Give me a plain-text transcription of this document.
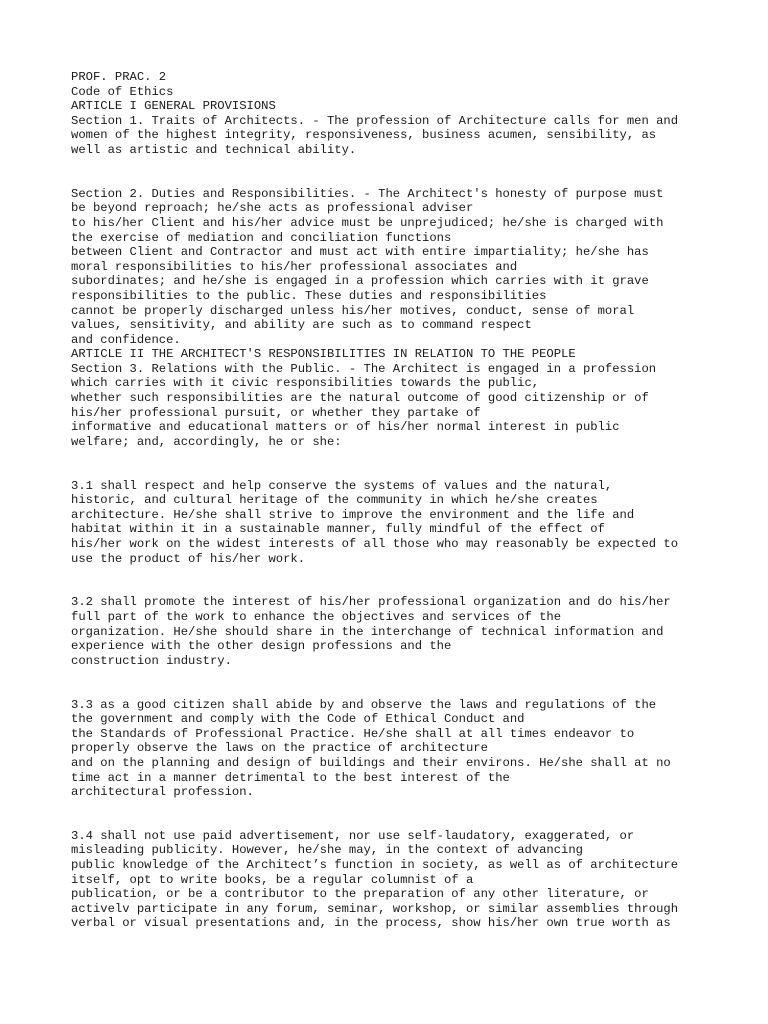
PROF. PRAC. 2
Code of Ethics
ARTICLE I GENERAL PROVISIONS
Section 1. Traits of Architects. - The profession of Architecture calls for men and
women of the highest integrity, responsiveness, business acumen, sensibility, as
well as artistic and technical ability.
Section 2. Duties and Responsibilities. - The Architect's honesty of purpose must
be beyond reproach; he/she acts as professional adviser
to his/her Client and his/her advice must be unprejudiced; he/she is charged with
the exercise of mediation and conciliation functions
between Client and Contractor and must act with entire impartiality; he/she has
moral responsibilities to his/her professional associates and
subordinates; and he/she is engaged in a profession which carries with it grave
responsibilities to the public. These duties and responsibilities
cannot be properly discharged unless his/her motives, conduct, sense of moral
values, sensitivity, and ability are such as to command respect
and confidence.
ARTICLE II THE ARCHITECT'S RESPONSIBILITIES IN RELATION TO THE PEOPLE
Section 3. Relations with the Public. - The Architect is engaged in a profession
which carries with it civic responsibilities towards the public,
whether such responsibilities are the natural outcome of good citizenship or of
his/her professional pursuit, or whether they partake of
informative and educational matters or of his/her normal interest in public
welfare; and, accordingly, he or she:
3.1 shall respect and help conserve the systems of values and the natural,
historic, and cultural heritage of the community in which he/she creates
architecture. He/she shall strive to improve the environment and the life and
habitat within it in a sustainable manner, fully mindful of the effect of
his/her work on the widest interests of all those who may reasonably be expected to
use the product of his/her work.
3.2 shall promote the interest of his/her professional organization and do his/her
full part of the work to enhance the objectives and services of the
organization. He/she should share in the interchange of technical information and
experience with the other design professions and the
construction industry.
3.3 as a good citizen shall abide by and observe the laws and regulations of the
the government and comply with the Code of Ethical Conduct and
the Standards of Professional Practice. He/she shall at all times endeavor to
properly observe the laws on the practice of architecture
and on the planning and design of buildings and their environs. He/she shall at no
time act in a manner detrimental to the best interest of the
architectural profession.
3.4 shall not use paid advertisement, nor use self-laudatory, exaggerated, or
misleading publicity. However, he/she may, in the context of advancing
public knowledge of the Architect’s function in society, as well as of architecture
itself, opt to write books, be a regular columnist of a
publication, or be a contributor to the preparation of any other literature, or
activelv participate in any forum, seminar, workshop, or similar assemblies through
verbal or visual presentations and, in the process, show his/her own true worth as
